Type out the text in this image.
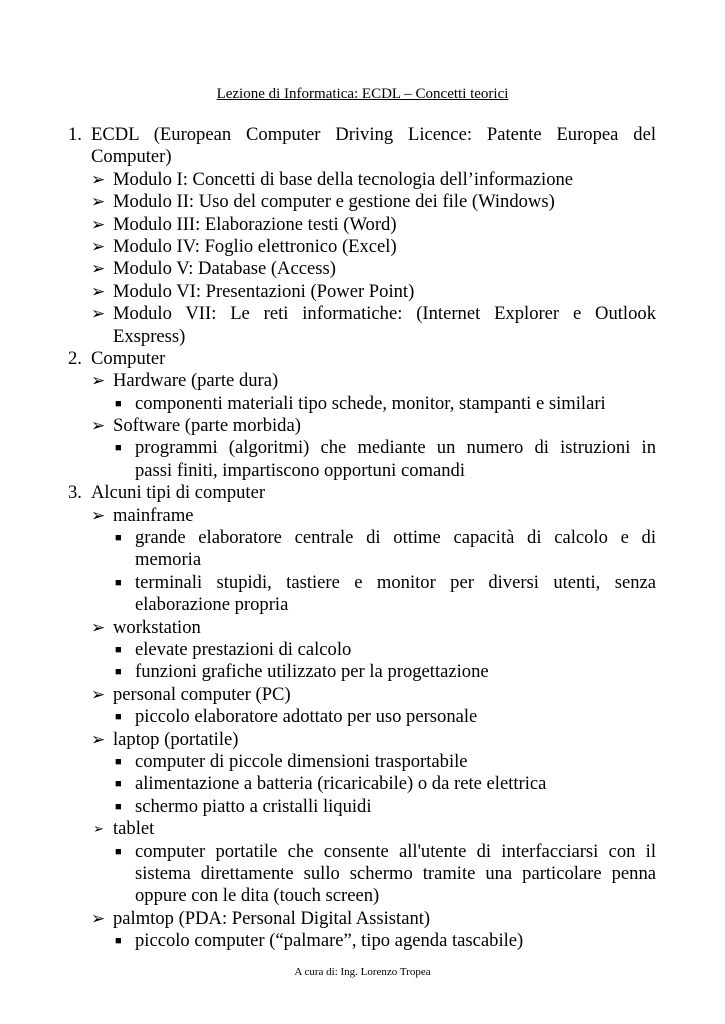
Lezione di Informatica: ECDL – Concetti teorici
1. ECDL (European Computer Driving Licence: Patente Europea del
Computer)
➢ Modulo I: Concetti di base della tecnologia dell’informazione
➢ Modulo II: Uso del computer e gestione dei file (Windows)
➢ Modulo III: Elaborazione testi (Word)
➢ Modulo IV: Foglio elettronico (Excel)
➢ Modulo V: Database (Access)
➢ Modulo VI: Presentazioni (Power Point)
➢ Modulo VII: Le reti informatiche: (Internet Explorer e Outlook
Exspress)
2. Computer
➢ Hardware (parte dura)
■ componenti materiali tipo schede, monitor, stampanti e similari
➢ Software (parte morbida)
■ programmi (algoritmi) che mediante un numero di istruzioni in
passi finiti, impartiscono opportuni comandi
3. Alcuni tipi di computer
➢ mainframe
■ grande elaboratore centrale di ottime capacità di calcolo e di
memoria
■ terminali stupidi, tastiere e monitor per diversi utenti, senza
elaborazione propria
➢ workstation
■ elevate prestazioni di calcolo
■ funzioni grafiche utilizzato per la progettazione
➢ personal computer (PC)
■ piccolo elaboratore adottato per uso personale
➢ laptop (portatile)
■ computer di piccole dimensioni trasportabile
■ alimentazione a batteria (ricaricabile) o da rete elettrica
■ schermo piatto a cristalli liquidi
➢ tablet
■ computer portatile che consente all'utente di interfacciarsi con il
sistema direttamente sullo schermo tramite una particolare penna
oppure con le dita (touch screen)
➢ palmtop (PDA: Personal Digital Assistant)
■ piccolo computer (“palmare”, tipo agenda tascabile)
A cura di: Ing. Lorenzo Tropea
